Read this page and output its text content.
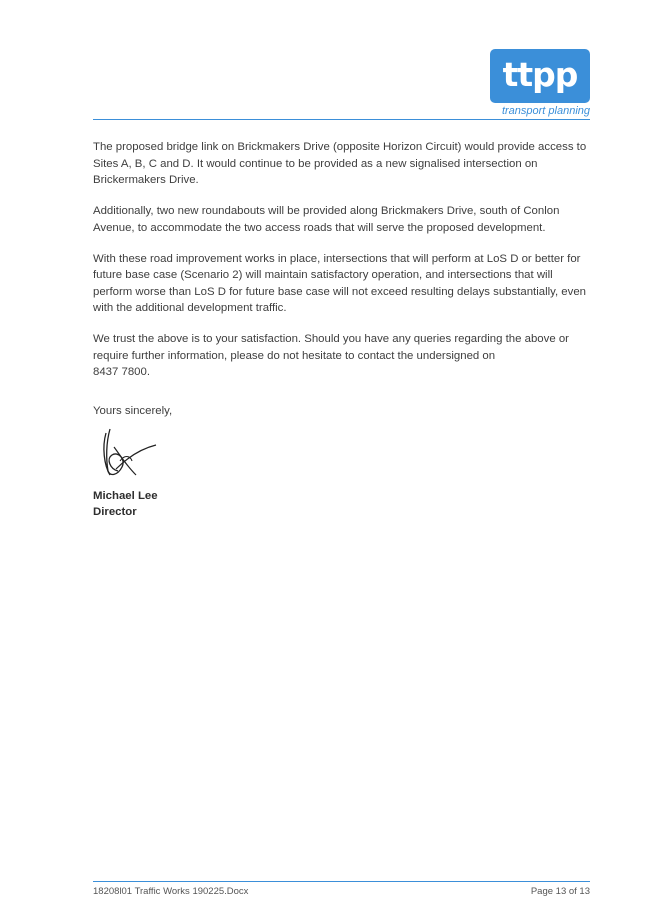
ttpp
transport planning

The proposed bridge link on Brickmakers Drive (opposite Horizon Circuit) would provide access to Sites A, B, C and D. It would continue to be provided as a new signalised intersection on Brickermakers Drive.

Additionally, two new roundabouts will be provided along Brickmakers Drive, south of Conlon Avenue, to accommodate the two access roads that will serve the proposed development.

With these road improvement works in place, intersections that will perform at LoS D or better for future base case (Scenario 2) will maintain satisfactory operation, and intersections that will perform worse than LoS D for future base case will not exceed resulting delays substantially, even with the additional development traffic.

We trust the above is to your satisfaction. Should you have any queries regarding the above or require further information, please do not hesitate to contact the undersigned on
8437 7800.

Yours sincerely,
Michael Lee
Director
18208l01 Traffic Works 190225.Docx	Page 13 of 13
